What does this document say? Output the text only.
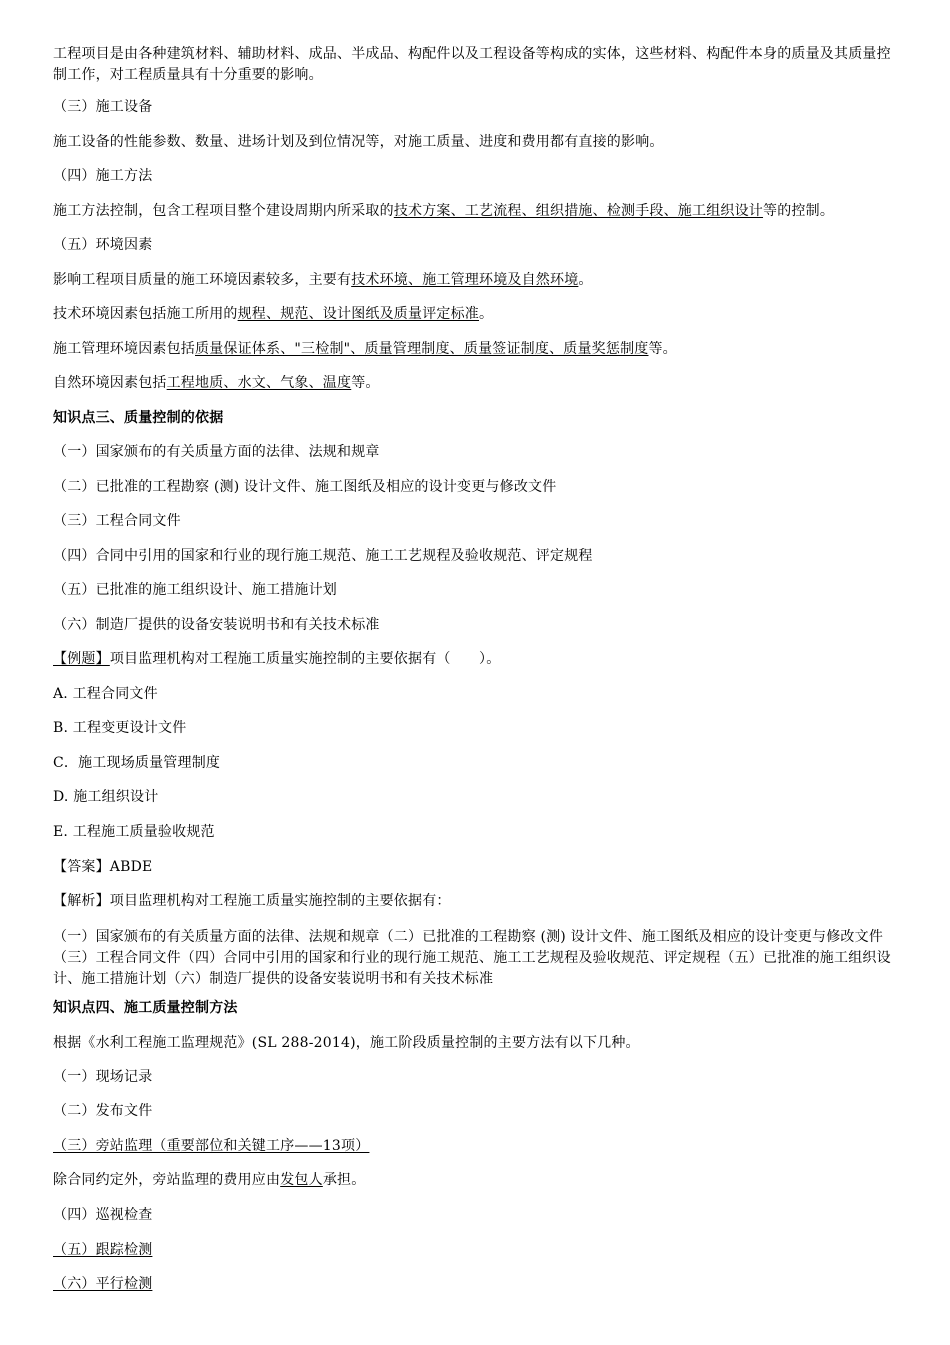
工程项目是由各种建筑材料、辅助材料、成品、半成品、构配件以及工程设备等构成的实体，这些材料、构配件本身的质量及其质量控制工作，对工程质量具有十分重要的影响。
（三）施工设备
施工设备的性能参数、数量、进场计划及到位情况等，对施工质量、进度和费用都有直接的影响。
（四）施工方法
施工方法控制，包含工程项目整个建设周期内所采取的技术方案、工艺流程、组织措施、检测手段、施工组织设计等的控制。
（五）环境因素
影响工程项目质量的施工环境因素较多，主要有技术环境、施工管理环境及自然环境。
技术环境因素包括施工所用的规程、规范、设计图纸及质量评定标准。
施工管理环境因素包括质量保证体系、"三检制"、质量管理制度、质量签证制度、质量奖惩制度等。
自然环境因素包括工程地质、水文、气象、温度等。
知识点三、质量控制的依据
（一）国家颁布的有关质量方面的法律、法规和规章
（二）已批准的工程勘察 (测) 设计文件、施工图纸及相应的设计变更与修改文件
（三）工程合同文件
（四）合同中引用的国家和行业的现行施工规范、施工工艺规程及验收规范、评定规程
（五）已批准的施工组织设计、施工措施计划
（六）制造厂提供的设备安装说明书和有关技术标准
【例题】项目监理机构对工程施工质量实施控制的主要依据有（　　）。
A. 工程合同文件
B. 工程变更设计文件
C．施工现场质量管理制度
D. 施工组织设计
E. 工程施工质量验收规范
【答案】ABDE
【解析】项目监理机构对工程施工质量实施控制的主要依据有：
（一）国家颁布的有关质量方面的法律、法规和规章（二）已批准的工程勘察 (测) 设计文件、施工图纸及相应的设计变更与修改文件（三）工程合同文件（四）合同中引用的国家和行业的现行施工规范、施工工艺规程及验收规范、评定规程（五）已批准的施工组织设计、施工措施计划（六）制造厂提供的设备安装说明书和有关技术标准
知识点四、施工质量控制方法
根据《水利工程施工监理规范》(SL 288-2014)，施工阶段质量控制的主要方法有以下几种。
（一）现场记录
（二）发布文件
（三）旁站监理（重要部位和关键工序——13项）
除合同约定外，旁站监理的费用应由发包人承担。
（四）巡视检查
（五）跟踪检测
（六）平行检测
